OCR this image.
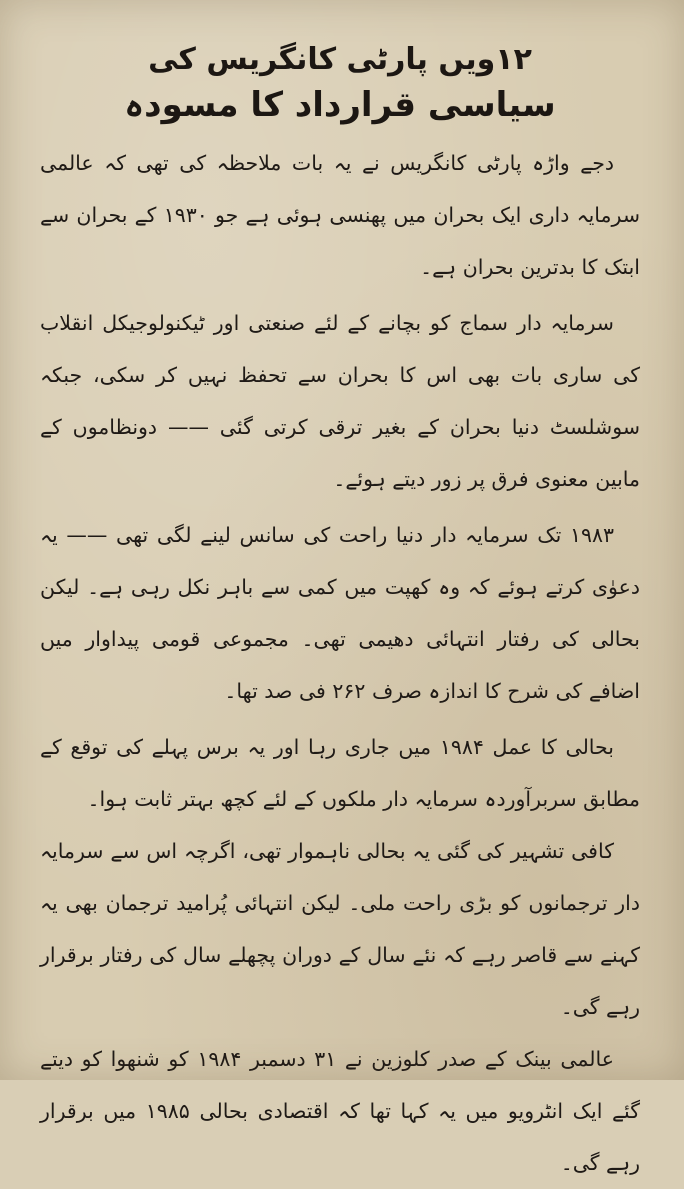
۱۲ویں پارٹی کانگریس کی
سیاسی قرارداد کا مسودہ

دجے واڑہ پارٹی کانگریس نے یہ بات ملاحظہ کی تھی کہ عالمی سرمایہ داری ایک بحران میں پھنسی ہوئی ہے جو ۱۹۳۰ کے بحران سے ابتک کا بدترین بحران ہے۔

سرمایہ دار سماج کو بچانے کے لئے صنعتی اور ٹیکنولوجیکل انقلاب کی ساری بات بھی اس کا بحران سے تحفظ نہیں کر سکی، جبکہ سوشلسٹ دنیا بحران کے بغیر ترقی کرتی گئی —— دونظاموں کے مابین معنوی فرق پر زور دیتے ہوئے۔

۱۹۸۳ تک سرمایہ دار دنیا راحت کی سانس لینے لگی تھی —— یہ دعوٰی کرتے ہوئے کہ وہ کھپت میں کمی سے باہر نکل رہی ہے۔ لیکن بحالی کی رفتار انتہائی دھیمی تھی۔ مجموعی قومی پیداوار میں اضافے کی شرح کا اندازہ صرف ۲۶۲ فی صد تھا۔

بحالی کا عمل ۱۹۸۴ میں جاری رہا اور یہ برس پہلے کی توقع کے مطابق سربرآوردہ سرمایہ دار ملکوں کے لئے کچھ بہتر ثابت ہوا۔

کافی تشہیر کی گئی یہ بحالی ناہموار تھی، اگرچہ اس سے سرمایہ دار ترجمانوں کو بڑی راحت ملی۔ لیکن انتہائی پُرامید ترجمان بھی یہ کہنے سے قاصر رہے کہ نئے سال کے دوران پچھلے سال کی رفتار برقرار رہے گی۔

عالمی بینک کے صدر کلوزین نے ۳۱ دسمبر ۱۹۸۴ کو شنھوا کو دیتے گئے ایک انٹرویو میں یہ کہا تھا کہ اقتصادی بحالی ۱۹۸۵ میں برقرار رہے گی۔
